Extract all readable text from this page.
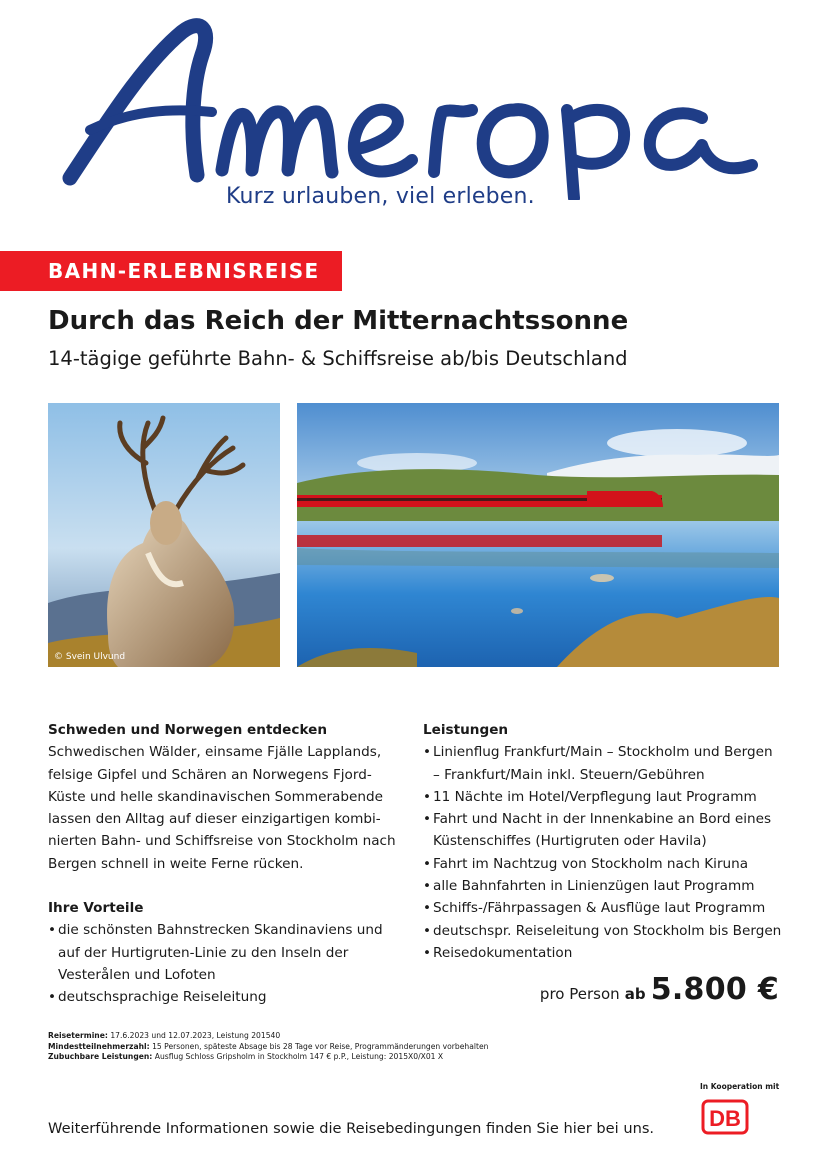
Kurz urlauben, viel erleben.
BAHN-ERLEBNISREISE
Durch das Reich der Mitternachtssonne
14-tägige geführte Bahn- & Schiffsreise ab/bis Deutschland
© Svein Ulvund
Schweden und Norwegen entdecken

Schwedischen Wälder, einsame Fjälle Lapplands, felsige Gipfel und Schären an Norwegens Fjord-Küste und helle skandinavischen Sommerabende lassen den Alltag auf dieser einzigartigen kombi-nierten Bahn- und Schiffsreise von Stockholm nach Bergen schnell in weite Ferne rücken.

Ihre Vorteile
• die schönsten Bahnstrecken Skandinaviens und auf der Hurtigruten-Linie zu den Inseln der Vesterålen und Lofoten
• deutschsprachige Reiseleitung
Leistungen
• Linienflug Frankfurt/Main – Stockholm und Bergen – Frankfurt/Main inkl. Steuern/Gebühren
• 11 Nächte im Hotel/Verpflegung laut Programm
• Fahrt und Nacht in der Innenkabine an Bord eines Küstenschiffes (Hurtigruten oder Havila)
• Fahrt im Nachtzug von Stockholm nach Kiruna
• alle Bahnfahrten in Linienzügen laut Programm
• Schiffs-/Fährpassagen & Ausflüge laut Programm
• deutschspr. Reiseleitung von Stockholm bis Bergen
• Reisedokumentation
pro Person ab 5.800 €
Reisetermine: 17.6.2023 und 12.07.2023, Leistung 201540
Mindestteilnehmerzahl: 15 Personen, späteste Absage bis 28 Tage vor Reise, Programmänderungen vorbehalten
Zubuchbare Leistungen: Ausflug Schloss Gripsholm in Stockholm 147 € p.P., Leistung: 2015X0/X01 X
In Kooperation mit
DB
Weiterführende Informationen sowie die Reisebedingungen finden Sie hier bei uns.
